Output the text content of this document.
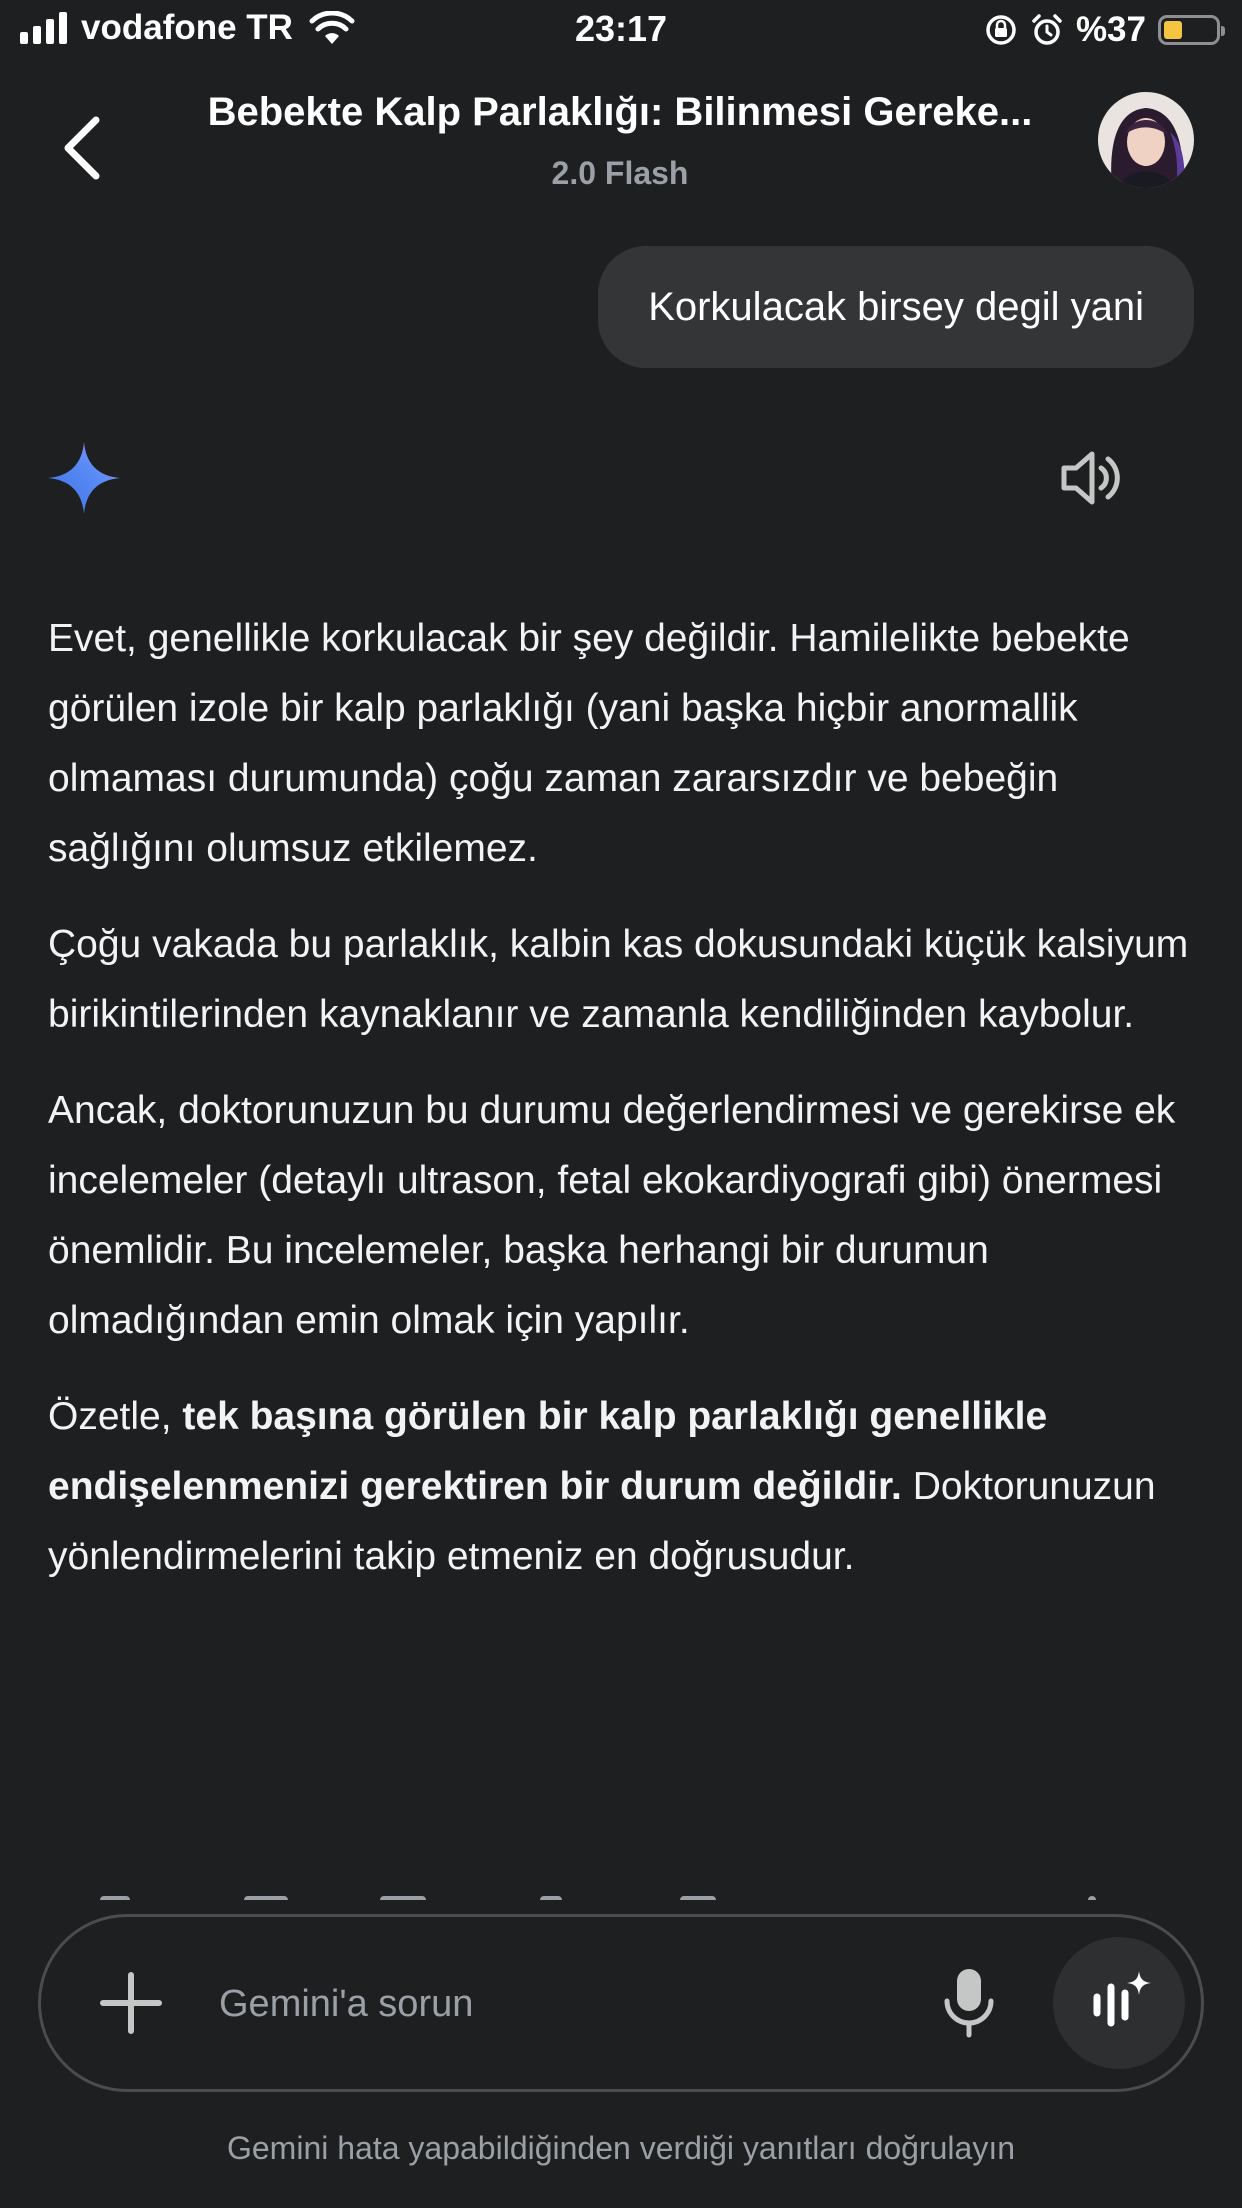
vodafone TR	23:17	%37
Bebekte Kalp Parlaklığı: Bilinmesi Gereke...
2.0 Flash
Korkulacak birsey degil yani

Evet, genellikle korkulacak bir şey değildir. Hamilelikte bebekte görülen izole bir kalp parlaklığı (yani başka hiçbir anormallik olmaması durumunda) çoğu zaman zararsızdır ve bebeğin sağlığını olumsuz etkilemez.

Çoğu vakada bu parlaklık, kalbin kas dokusundaki küçük kalsiyum birikintilerinden kaynaklanır ve zamanla kendiliğinden kaybolur.

Ancak, doktorunuzun bu durumu değerlendirmesi ve gerekirse ek incelemeler (detaylı ultrason, fetal ekokardiyografi gibi) önermesi önemlidir. Bu incelemeler, başka herhangi bir durumun olmadığından emin olmak için yapılır.

Özetle, tek başına görülen bir kalp parlaklığı genellikle endişelenmenizi gerektiren bir durum değildir. Doktorunuzun yönlendirmelerini takip etmeniz en doğrusudur.

Gemini'a sorun
Gemini hata yapabildiğinden verdiği yanıtları doğrulayın
